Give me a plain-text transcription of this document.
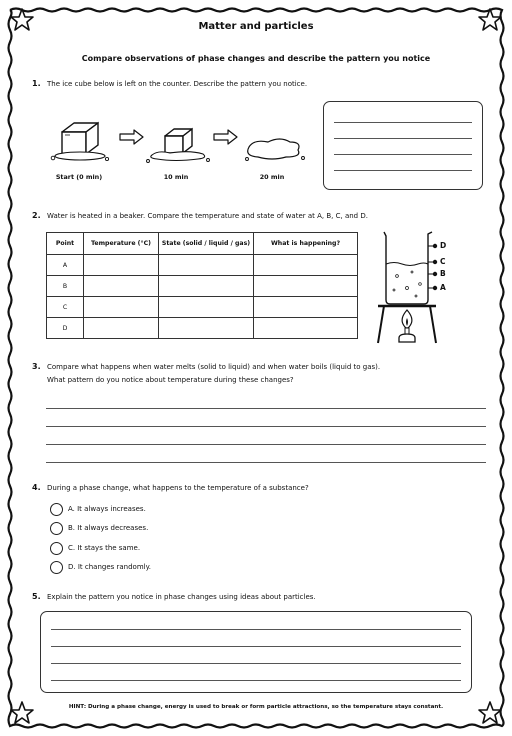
Matter and particles
Compare observations of phase changes and describe the pattern you notice
1. The ice cube below is left on the counter. Describe the pattern you notice.
Start (0 min)	10 min	20 min
2. Water is heated in a beaker. Compare the temperature and state of water at A, B, C, and D.
Point	Temperature (°C)	State (solid / liquid / gas)	What is happening?
A			
B			
C			
D			
D
C
B
A
3. Compare what happens when water melts (solid to liquid) and when water boils (liquid to gas).
What pattern do you notice about temperature during these changes?
4. During a phase change, what happens to the temperature of a substance?
A. It always increases.
B. It always decreases.
C. It stays the same.
D. It changes randomly.
5. Explain the pattern you notice in phase changes using ideas about particles.
HINT: During a phase change, energy is used to break or form particle attractions, so the temperature stays constant.
